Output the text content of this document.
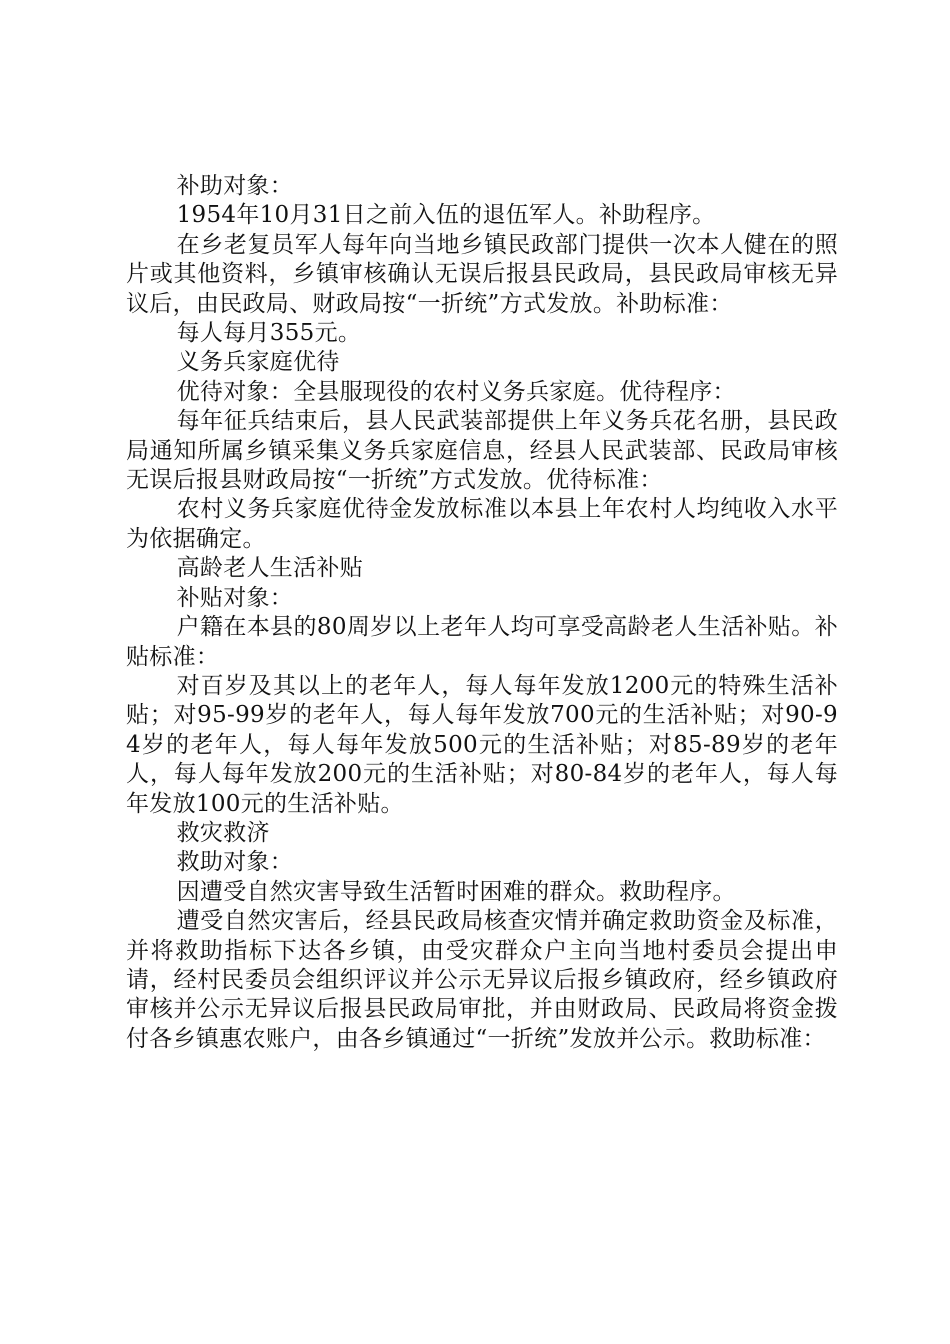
补助对象：

1954年10月31日之前入伍的退伍军人。补助程序。

在乡老复员军人每年向当地乡镇民政部门提供一次本人健在的照片或其他资料，乡镇审核确认无误后报县民政局，县民政局审核无异议后，由民政局、财政局按“一折统”方式发放。补助标准：

每人每月355元。

义务兵家庭优待

优待对象：全县服现役的农村义务兵家庭。优待程序：

每年征兵结束后，县人民武装部提供上年义务兵花名册，县民政局通知所属乡镇采集义务兵家庭信息，经县人民武装部、民政局审核无误后报县财政局按“一折统”方式发放。优待标准：

农村义务兵家庭优待金发放标准以本县上年农村人均纯收入水平为依据确定。

高龄老人生活补贴

补贴对象：

户籍在本县的80周岁以上老年人均可享受高龄老人生活补贴。补贴标准：

对百岁及其以上的老年人，每人每年发放1200元的特殊生活补贴；对95-99岁的老年人，每人每年发放700元的生活补贴；对90-94岁的老年人，每人每年发放500元的生活补贴；对85-89岁的老年人，每人每年发放200元的生活补贴；对80-84岁的老年人，每人每年发放100元的生活补贴。

救灾救济

救助对象：

因遭受自然灾害导致生活暂时困难的群众。救助程序。

遭受自然灾害后，经县民政局核查灾情并确定救助资金及标准，并将救助指标下达各乡镇，由受灾群众户主向当地村委员会提出申请，经村民委员会组织评议并公示无异议后报乡镇政府，经乡镇政府审核并公示无异议后报县民政局审批，并由财政局、民政局将资金拨付各乡镇惠农账户，由各乡镇通过“一折统”发放并公示。救助标准：
